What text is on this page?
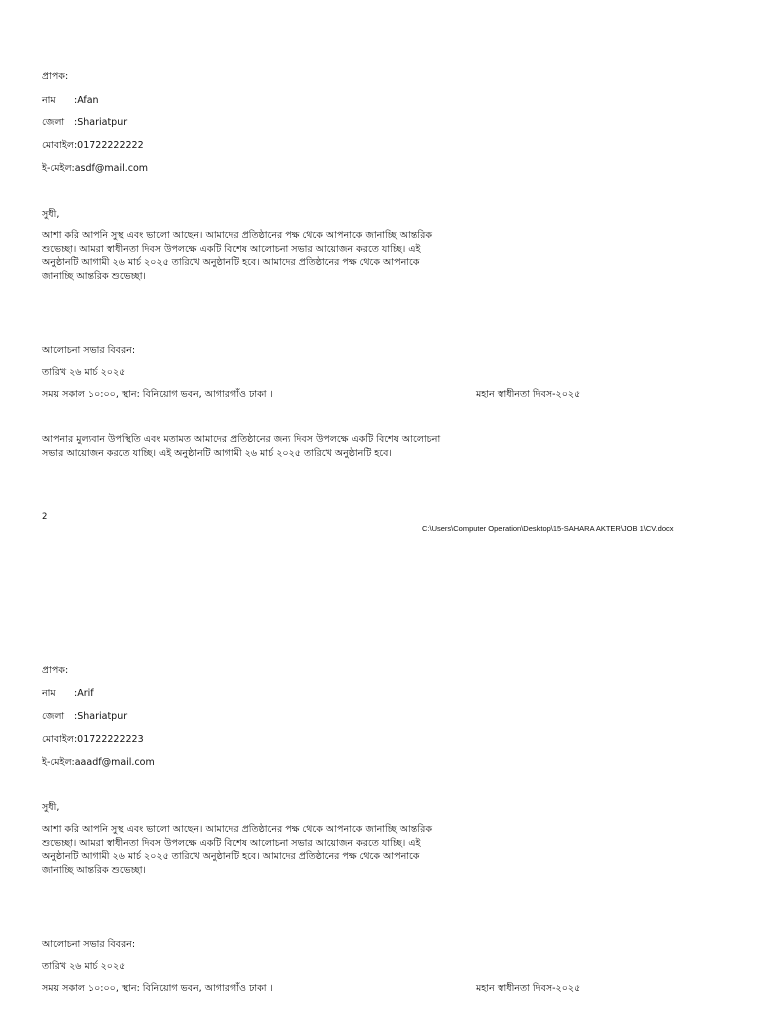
প্রাপক:
নাম :Afan
জেলা :Shariatpur
মোবাইল:01722222222
ই-মেইল:asdf@mail.com
সুধী,
আশা করি আপনি সুস্থ এবং ভালো আছেন। আমাদের প্রতিষ্ঠানের পক্ষ থেকে আপনাকে জানাচ্ছি আন্তরিক শুভেচ্ছা। আমরা স্বাধীনতা দিবস উপলক্ষে একটি বিশেষ আলোচনা সভার আয়োজন করতে যাচ্ছি। এই অনুষ্ঠানটি আগামী ২৬ মার্চ ২০২৫ তারিখে অনুষ্ঠানটি হবে। আমাদের প্রতিষ্ঠানের পক্ষ থেকে আপনাকে জানাচ্ছি আন্তরিক শুভেচ্ছা।
আলোচনা সভার বিবরন:
তারিখ ২৬ মার্চ ২০২৫
সময় সকাল ১০:০০, স্থান: বিনিয়োগ ভবন, আগারগাঁও ঢাকা ।	মহান স্বাধীনতা দিবস-২০২৫
আপনার মুল্যবান উপস্থিতি এবং মতামত আমাদের প্রতিষ্ঠানের জন্য দিবস উপলক্ষে একটি বিশেষ আলোচনা সভার আয়োজন করতে যাচ্ছি। এই অনুষ্ঠানটি আগামী ২৬ মার্চ ২০২৫ তারিখে অনুষ্ঠানটি হবে।
2
C:\Users\Computer Operation\Desktop\15-SAHARA AKTER\JOB 1\CV.docx
প্রাপক:
নাম :Arif
জেলা :Shariatpur
মোবাইল:01722222223
ই-মেইল:aaadf@mail.com
সুধী,
আশা করি আপনি সুস্থ এবং ভালো আছেন। আমাদের প্রতিষ্ঠানের পক্ষ থেকে আপনাকে জানাচ্ছি আন্তরিক শুভেচ্ছা। আমরা স্বাধীনতা দিবস উপলক্ষে একটি বিশেষ আলোচনা সভার আয়োজন করতে যাচ্ছি। এই অনুষ্ঠানটি আগামী ২৬ মার্চ ২০২৫ তারিখে অনুষ্ঠানটি হবে। আমাদের প্রতিষ্ঠানের পক্ষ থেকে আপনাকে জানাচ্ছি আন্তরিক শুভেচ্ছা।
আলোচনা সভার বিবরন:
তারিখ ২৬ মার্চ ২০২৫
সময় সকাল ১০:০০, স্থান: বিনিয়োগ ভবন, আগারগাঁও ঢাকা ।	মহান স্বাধীনতা দিবস-২০২৫
